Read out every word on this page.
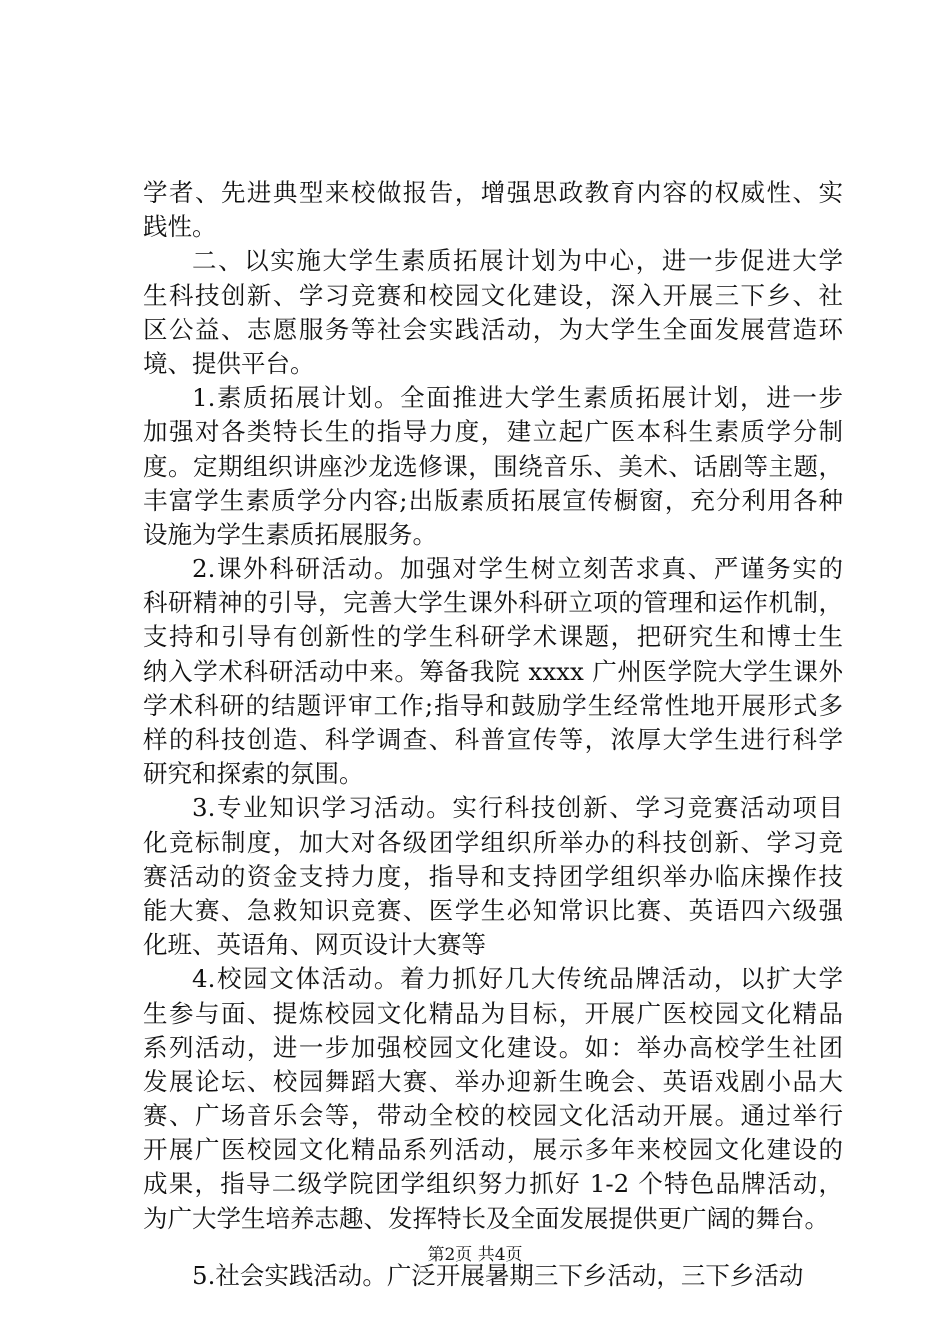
学者、先进典型来校做报告，增强思政教育内容的权威性、实
践性。
二、以实施大学生素质拓展计划为中心，进一步促进大学
生科技创新、学习竞赛和校园文化建设，深入开展三下乡、社
区公益、志愿服务等社会实践活动，为大学生全面发展营造环
境、提供平台。
1.素质拓展计划。全面推进大学生素质拓展计划，进一步
加强对各类特长生的指导力度，建立起广医本科生素质学分制
度。定期组织讲座沙龙选修课，围绕音乐、美术、话剧等主题，
丰富学生素质学分内容;出版素质拓展宣传橱窗，充分利用各种
设施为学生素质拓展服务。
2.课外科研活动。加强对学生树立刻苦求真、严谨务实的
科研精神的引导，完善大学生课外科研立项的管理和运作机制，
支持和引导有创新性的学生科研学术课题，把研究生和博士生
纳入学术科研活动中来。筹备我院 xxxx 广州医学院大学生课外
学术科研的结题评审工作;指导和鼓励学生经常性地开展形式多
样的科技创造、科学调查、科普宣传等，浓厚大学生进行科学
研究和探索的氛围。
3.专业知识学习活动。实行科技创新、学习竞赛活动项目
化竞标制度，加大对各级团学组织所举办的科技创新、学习竞
赛活动的资金支持力度，指导和支持团学组织举办临床操作技
能大赛、急救知识竞赛、医学生必知常识比赛、英语四六级强
化班、英语角、网页设计大赛等
4.校园文体活动。着力抓好几大传统品牌活动，以扩大学
生参与面、提炼校园文化精品为目标，开展广医校园文化精品
系列活动，进一步加强校园文化建设。如：举办高校学生社团
发展论坛、校园舞蹈大赛、举办迎新生晚会、英语戏剧小品大
赛、广场音乐会等，带动全校的校园文化活动开展。通过举行
开展广医校园文化精品系列活动，展示多年来校园文化建设的
成果，指导二级学院团学组织努力抓好 1-2 个特色品牌活动，
为广大学生培养志趣、发挥特长及全面发展提供更广阔的舞台。
5.社会实践活动。广泛开展暑期三下乡活动，三下乡活动
第2页 共4页
